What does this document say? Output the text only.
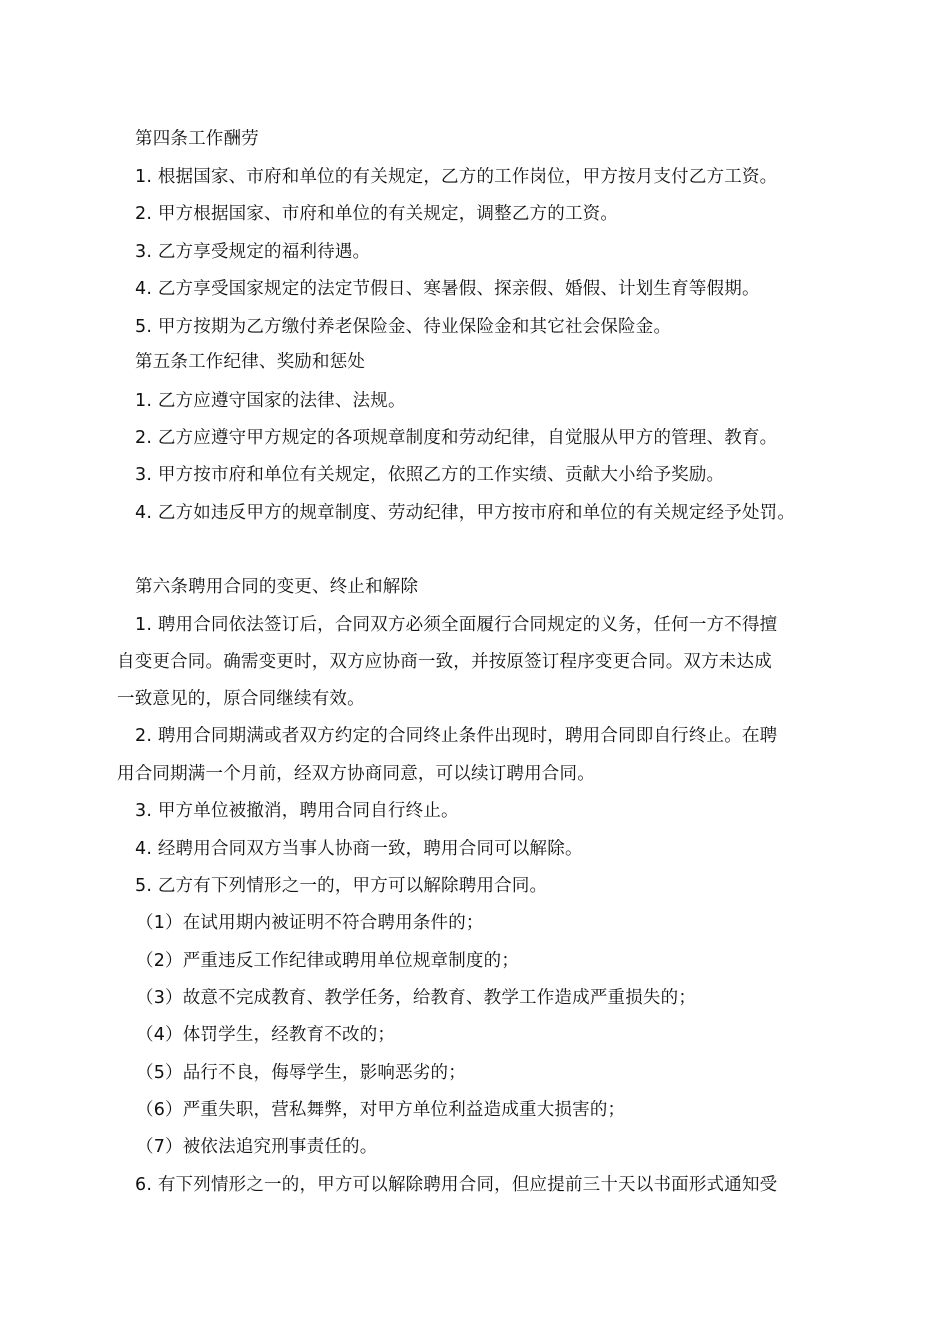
第四条工作酬劳
1. 根据国家、市府和单位的有关规定，乙方的工作岗位，甲方按月支付乙方工资。
2. 甲方根据国家、市府和单位的有关规定，调整乙方的工资。
3. 乙方享受规定的福利待遇。
4. 乙方享受国家规定的法定节假日、寒暑假、探亲假、婚假、计划生育等假期。
5. 甲方按期为乙方缴付养老保险金、待业保险金和其它社会保险金。
第五条工作纪律、奖励和惩处
1. 乙方应遵守国家的法律、法规。
2. 乙方应遵守甲方规定的各项规章制度和劳动纪律，自觉服从甲方的管理、教育。
3. 甲方按市府和单位有关规定，依照乙方的工作实绩、贡献大小给予奖励。
4. 乙方如违反甲方的规章制度、劳动纪律，甲方按市府和单位的有关规定经予处罚。
第六条聘用合同的变更、终止和解除
1. 聘用合同依法签订后，合同双方必须全面履行合同规定的义务，任何一方不得擅
自变更合同。确需变更时，双方应协商一致，并按原签订程序变更合同。双方未达成
一致意见的，原合同继续有效。
2. 聘用合同期满或者双方约定的合同终止条件出现时，聘用合同即自行终止。在聘
用合同期满一个月前，经双方协商同意，可以续订聘用合同。
3. 甲方单位被撤消，聘用合同自行终止。
4. 经聘用合同双方当事人协商一致，聘用合同可以解除。
5. 乙方有下列情形之一的，甲方可以解除聘用合同。
（1）在试用期内被证明不符合聘用条件的；
（2）严重违反工作纪律或聘用单位规章制度的；
（3）故意不完成教育、教学任务，给教育、教学工作造成严重损失的；
（4）体罚学生，经教育不改的；
（5）品行不良，侮辱学生，影响恶劣的；
（6）严重失职，营私舞弊，对甲方单位利益造成重大损害的；
（7）被依法追究刑事责任的。
6. 有下列情形之一的，甲方可以解除聘用合同，但应提前三十天以书面形式通知受
